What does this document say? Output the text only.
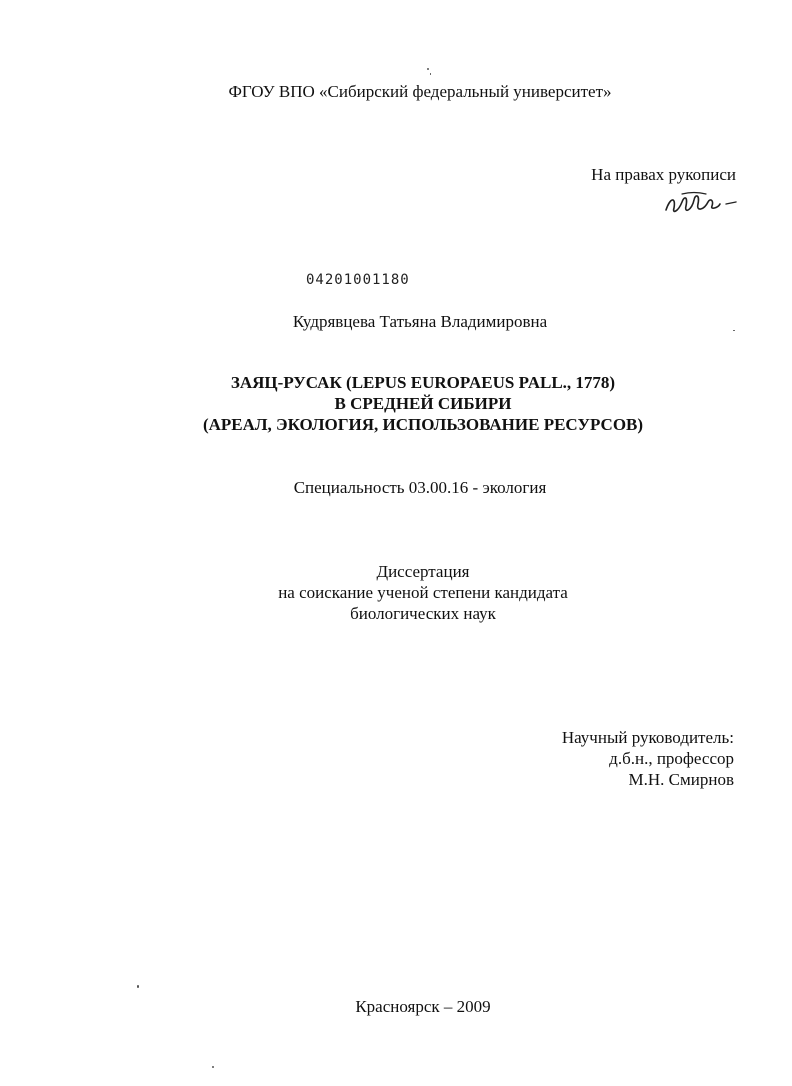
ФГОУ ВПО «Сибирский федеральный университет»
На правах рукописи
04201001180
Кудрявцева Татьяна Владимировна
ЗАЯЦ-РУСАК (LEPUS EUROPAEUS PALL., 1778)
В СРЕДНЕЙ СИБИРИ
(АРЕАЛ, ЭКОЛОГИЯ, ИСПОЛЬЗОВАНИЕ РЕСУРСОВ)
Специальность 03.00.16 - экология
Диссертация
на соискание ученой степени кандидата
биологических наук
Научный руководитель:
д.б.н., профессор
М.Н. Смирнов
Красноярск – 2009
